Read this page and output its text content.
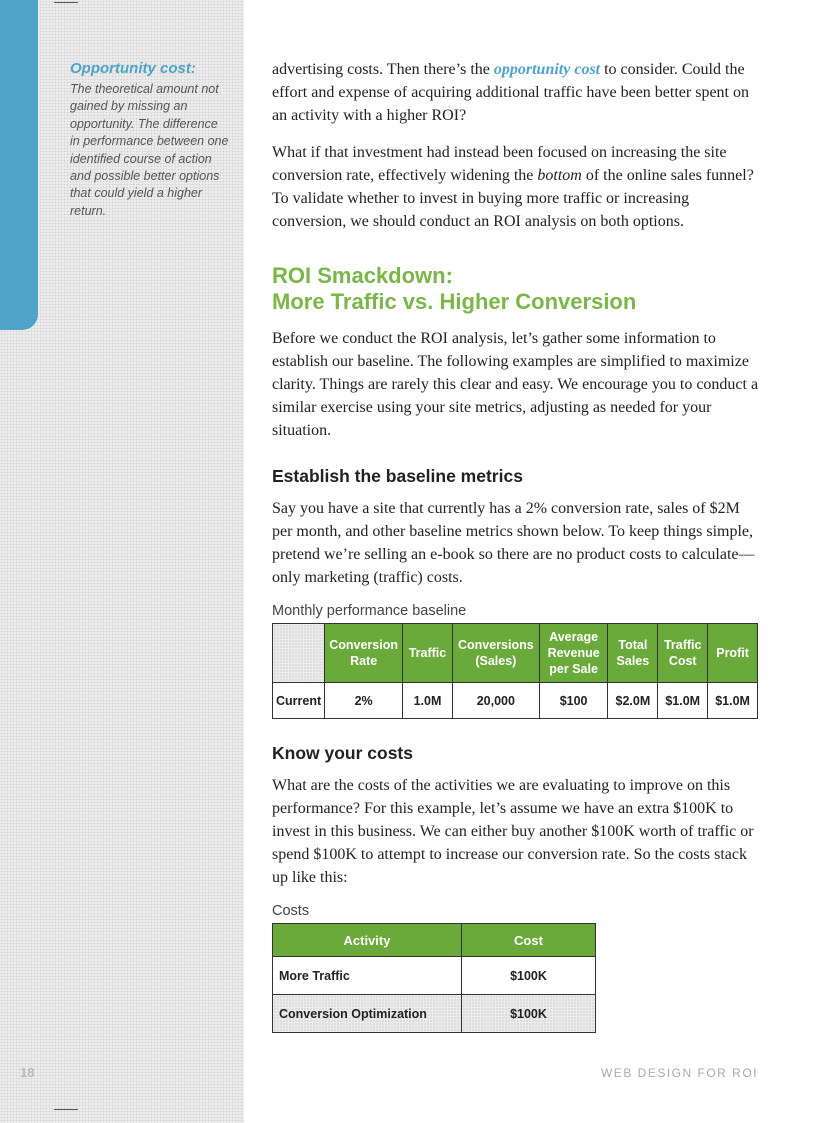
Opportunity cost:

The theoretical amount not gained by missing an opportunity. The difference in performance between one identified course of action and possible better options that could yield a higher return.

advertising costs. Then there’s the opportunity cost to consider. Could the effort and expense of acquiring additional traffic have been better spent on an activity with a higher ROI?

What if that investment had instead been focused on increasing the site conversion rate, effectively widening the bottom of the online sales funnel? To validate whether to invest in buying more traffic or increasing conversion, we should conduct an ROI analysis on both options.

ROI Smackdown:
More Traffic vs. Higher Conversion

Before we conduct the ROI analysis, let’s gather some information to establish our baseline. The following examples are simplified to maximize clarity. Things are rarely this clear and easy. We encourage you to conduct a similar exercise using your site metrics, adjusting as needed for your situation.

Establish the baseline metrics

Say you have a site that currently has a 2% conversion rate, sales of $2M per month, and other baseline metrics shown below. To keep things simple, pretend we’re selling an e-book so there are no product costs to calculate—only marketing (traffic) costs.

Monthly performance baseline
	Conversion Rate	Traffic	Conversions (Sales)	Average Revenue per Sale	Total Sales	Traffic Cost	Profit
Current	2%	1.0M	20,000	$100	$2.0M	$1.0M	$1.0M
Know your costs

What are the costs of the activities we are evaluating to improve on this performance? For this example, let’s assume we have an extra $100K to invest in this business. We can either buy another $100K worth of traffic or spend $100K to attempt to increase our conversion rate. So the costs stack up like this:

Costs
Activity	Cost
More Traffic	$100K
Conversion Optimization	$100K
18	WEB DESIGN FOR ROI
